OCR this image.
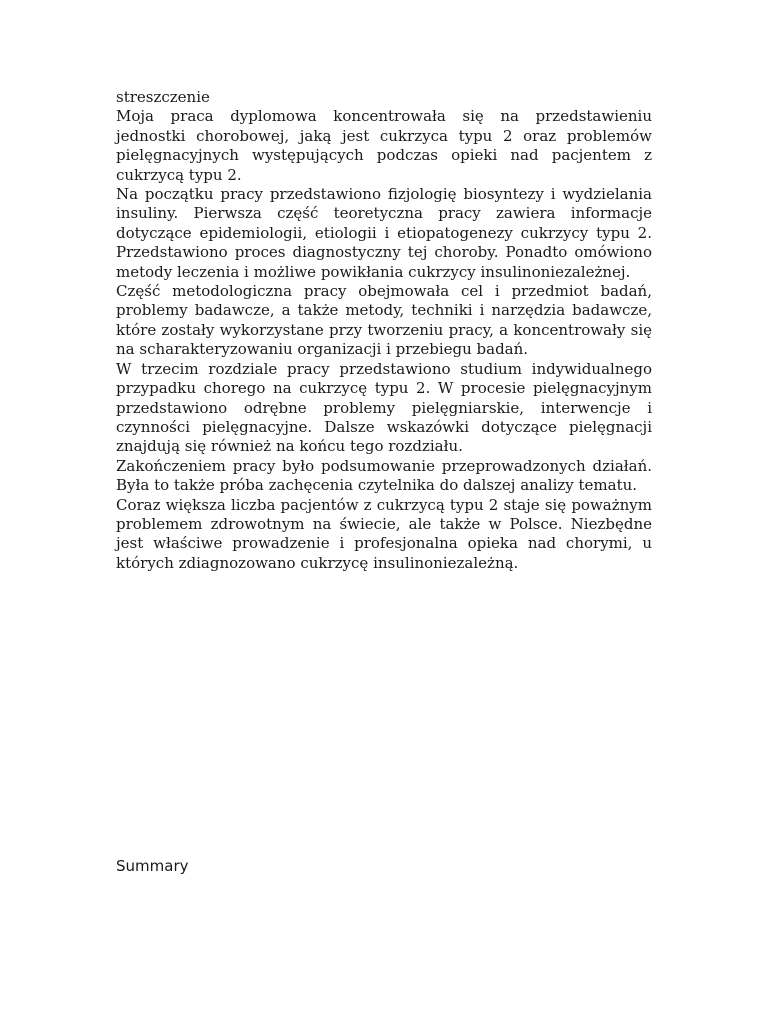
streszczenie

Moja praca dyplomowa koncentrowała się na przedstawieniu jednostki chorobowej, jaką jest cukrzyca typu 2 oraz problemów pielęgnacyjnych występujących podczas opieki nad pacjentem z cukrzycą typu 2.

Na początku pracy przedstawiono fizjologię biosyntezy i wydzielania insuliny. Pierwsza część teoretyczna pracy zawiera informacje dotyczące epidemiologii, etiologii i etiopatogenezy cukrzycy typu 2. Przedstawiono proces diagnostyczny tej choroby. Ponadto omówiono metody leczenia i możliwe powikłania cukrzycy insulinoniezależnej.

Część metodologiczna pracy obejmowała cel i przedmiot badań, problemy badawcze, a także metody, techniki i narzędzia badawcze, które zostały wykorzystane przy tworzeniu pracy, a koncentrowały się na scharakteryzowaniu organizacji i przebiegu badań.

W trzecim rozdziale pracy przedstawiono studium indywidualnego przypadku chorego na cukrzycę typu 2. W procesie pielęgnacyjnym przedstawiono odrębne problemy pielęgniarskie, interwencje i czynności pielęgnacyjne. Dalsze wskazówki dotyczące pielęgnacji znajdują się również na końcu tego rozdziału.

Zakończeniem pracy było podsumowanie przeprowadzonych działań. Była to także próba zachęcenia czytelnika do dalszej analizy tematu.

Coraz większa liczba pacjentów z cukrzycą typu 2 staje się poważnym problemem zdrowotnym na świecie, ale także w Polsce. Niezbędne jest właściwe prowadzenie i profesjonalna opieka nad chorymi, u których zdiagnozowano cukrzycę insulinoniezależną.

Summary
